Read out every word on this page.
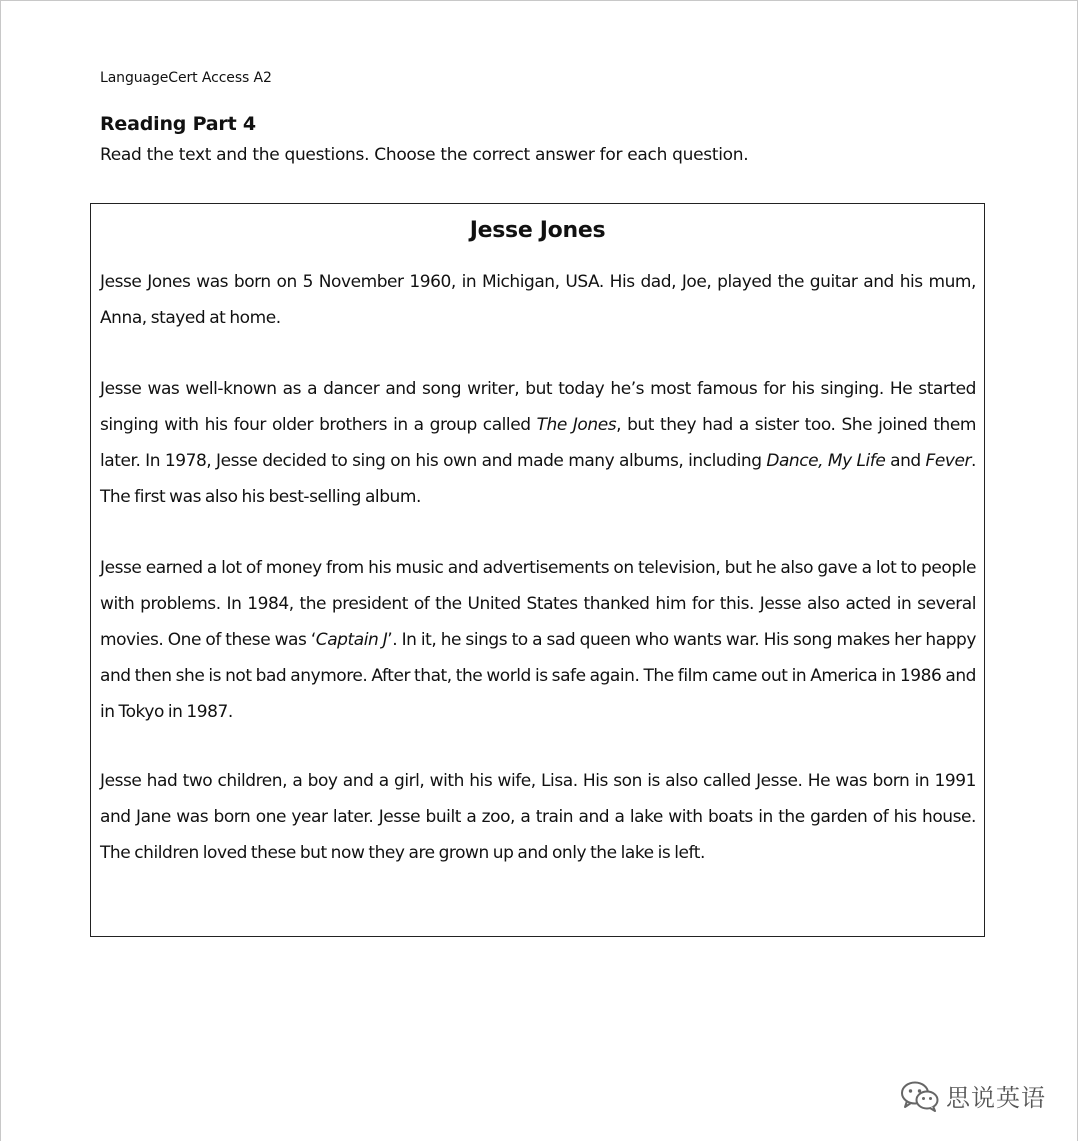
LanguageCert Access A2
Reading Part 4
Read the text and the questions. Choose the correct answer for each question.
Jesse Jones

Jesse Jones was born on 5 November 1960, in Michigan, USA. His dad, Joe, played the guitar and his mum, Anna, stayed at home.

Jesse was well-known as a dancer and song writer, but today he’s most famous for his singing. He started singing with his four older brothers in a group called The Jones, but they had a sister too. She joined them later. In 1978, Jesse decided to sing on his own and made many albums, including Dance, My Life and Fever. The first was also his best-selling album.

Jesse earned a lot of money from his music and advertisements on television, but he also gave a lot to people with problems. In 1984, the president of the United States thanked him for this. Jesse also acted in several movies. One of these was ‘Captain J’. In it, he sings to a sad queen who wants war. His song makes her happy and then she is not bad anymore. After that, the world is safe again. The film came out in America in 1986 and in Tokyo in 1987.

Jesse had two children, a boy and a girl, with his wife, Lisa. His son is also called Jesse. He was born in 1991 and Jane was born one year later. Jesse built a zoo, a train and a lake with boats in the garden of his house. The children loved these but now they are grown up and only the lake is left.

思说英语
